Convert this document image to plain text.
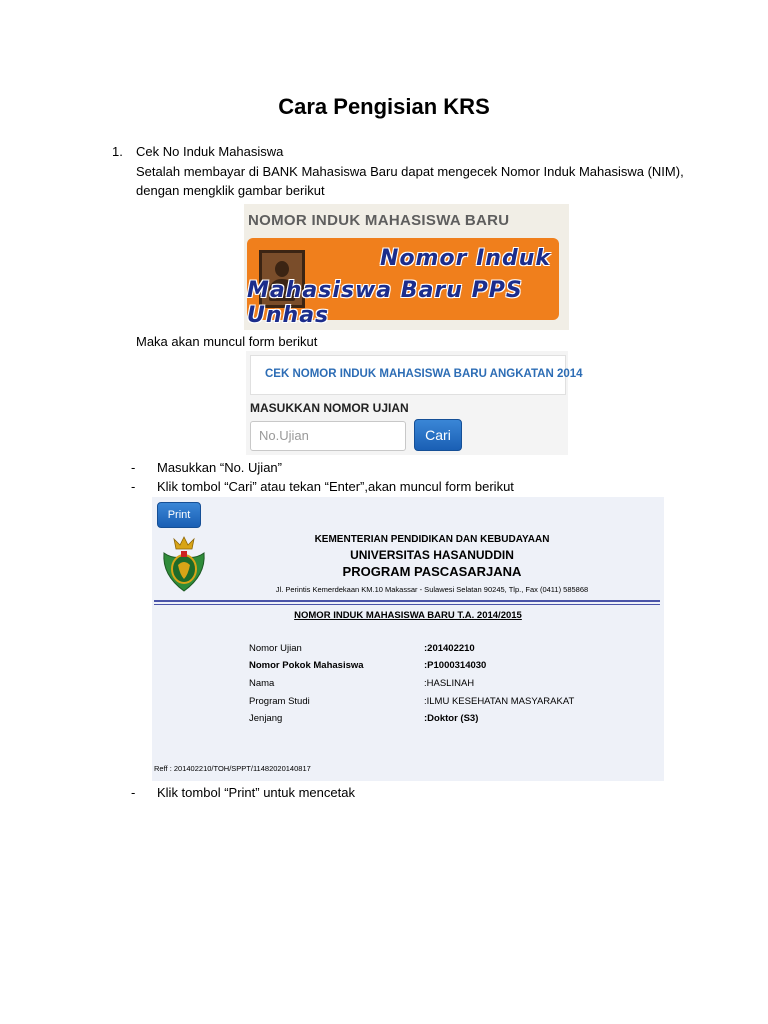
Cara Pengisian KRS
1. Cek No Induk Mahasiswa
Setalah membayar di BANK Mahasiswa Baru dapat mengecek Nomor Induk Mahasiswa (NIM),
dengan mengklik gambar berikut
NOMOR INDUK MAHASISWA BARU
Nomor Induk
Mahasiswa Baru PPS Unhas
Maka akan muncul form berikut
CEK NOMOR INDUK MAHASISWA BARU ANGKATAN 2014
MASUKKAN NOMOR UJIAN
No.Ujian	Cari
- Masukkan “No. Ujian”
- Klik tombol “Cari” atau tekan “Enter”,akan muncul form berikut
Print
KEMENTERIAN PENDIDIKAN DAN KEBUDAYAAN
UNIVERSITAS HASANUDDIN
PROGRAM PASCASARJANA
Jl. Perintis Kemerdekaan KM.10 Makassar - Sulawesi Selatan 90245, Tlp., Fax (0411) 585868
NOMOR INDUK MAHASISWA BARU T.A. 2014/2015
Nomor Ujian	:201402210
Nomor Pokok Mahasiswa	:P1000314030
Nama	:HASLINAH
Program Studi	:ILMU KESEHATAN MASYARAKAT
Jenjang	:Doktor (S3)
Reff : 201402210/TOH/SPPT/11482020140817
- Klik tombol “Print” untuk mencetak
